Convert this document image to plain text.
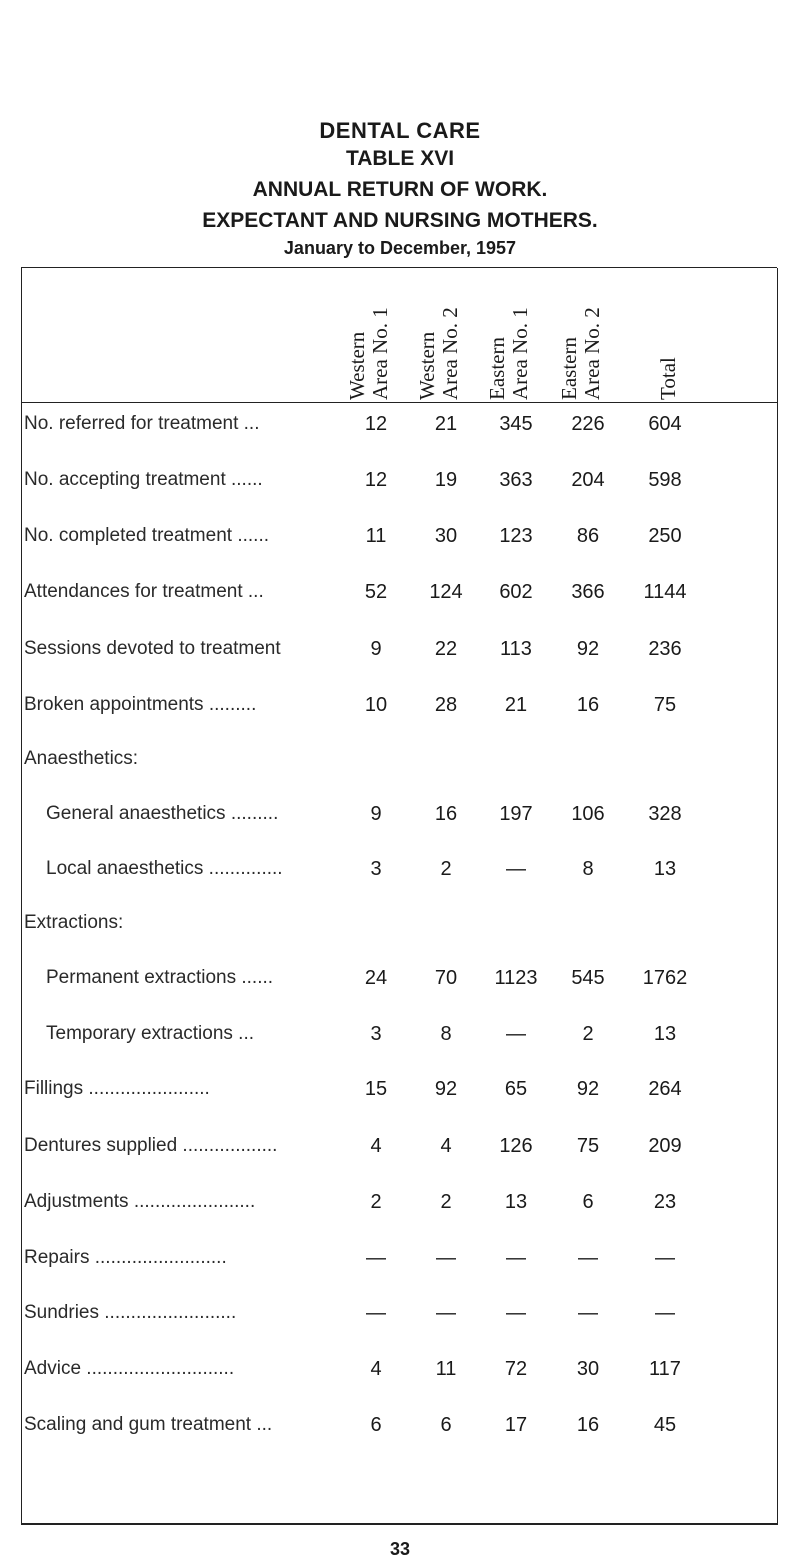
DENTAL CARE
TABLE XVI
ANNUAL RETURN OF WORK.
EXPECTANT AND NURSING MOTHERS.
January to December, 1957
Western Area No. 1 Western Area No. 2 Eastern Area No. 1 Eastern Area No. 2 Total
No. referred for treatment ...	12	21	345	226	604
No. accepting treatment ......	12	19	363	204	598
No. completed treatment ......	11	30	123	86	250
Attendances for treatment ...	52	124	602	366	1144
Sessions devoted to treatment	9	22	113	92	236
Broken appointments .........	10	28	21	16	75
Anaesthetics:
General anaesthetics .........	9	16	197	106	328
Local anaesthetics ..............	3	2	—	8	13
Extractions:
Permanent extractions ......	24	70	1123	545	1762
Temporary extractions ...	3	8	—	2	13
Fillings .......................	15	92	65	92	264
Dentures supplied ..................	4	4	126	75	209
Adjustments .......................	2	2	13	6	23
Repairs .........................	—	—	—	—	—
Sundries .........................	—	—	—	—	—
Advice ............................	4	11	72	30	117
Scaling and gum treatment ...	6	6	17	16	45
33
